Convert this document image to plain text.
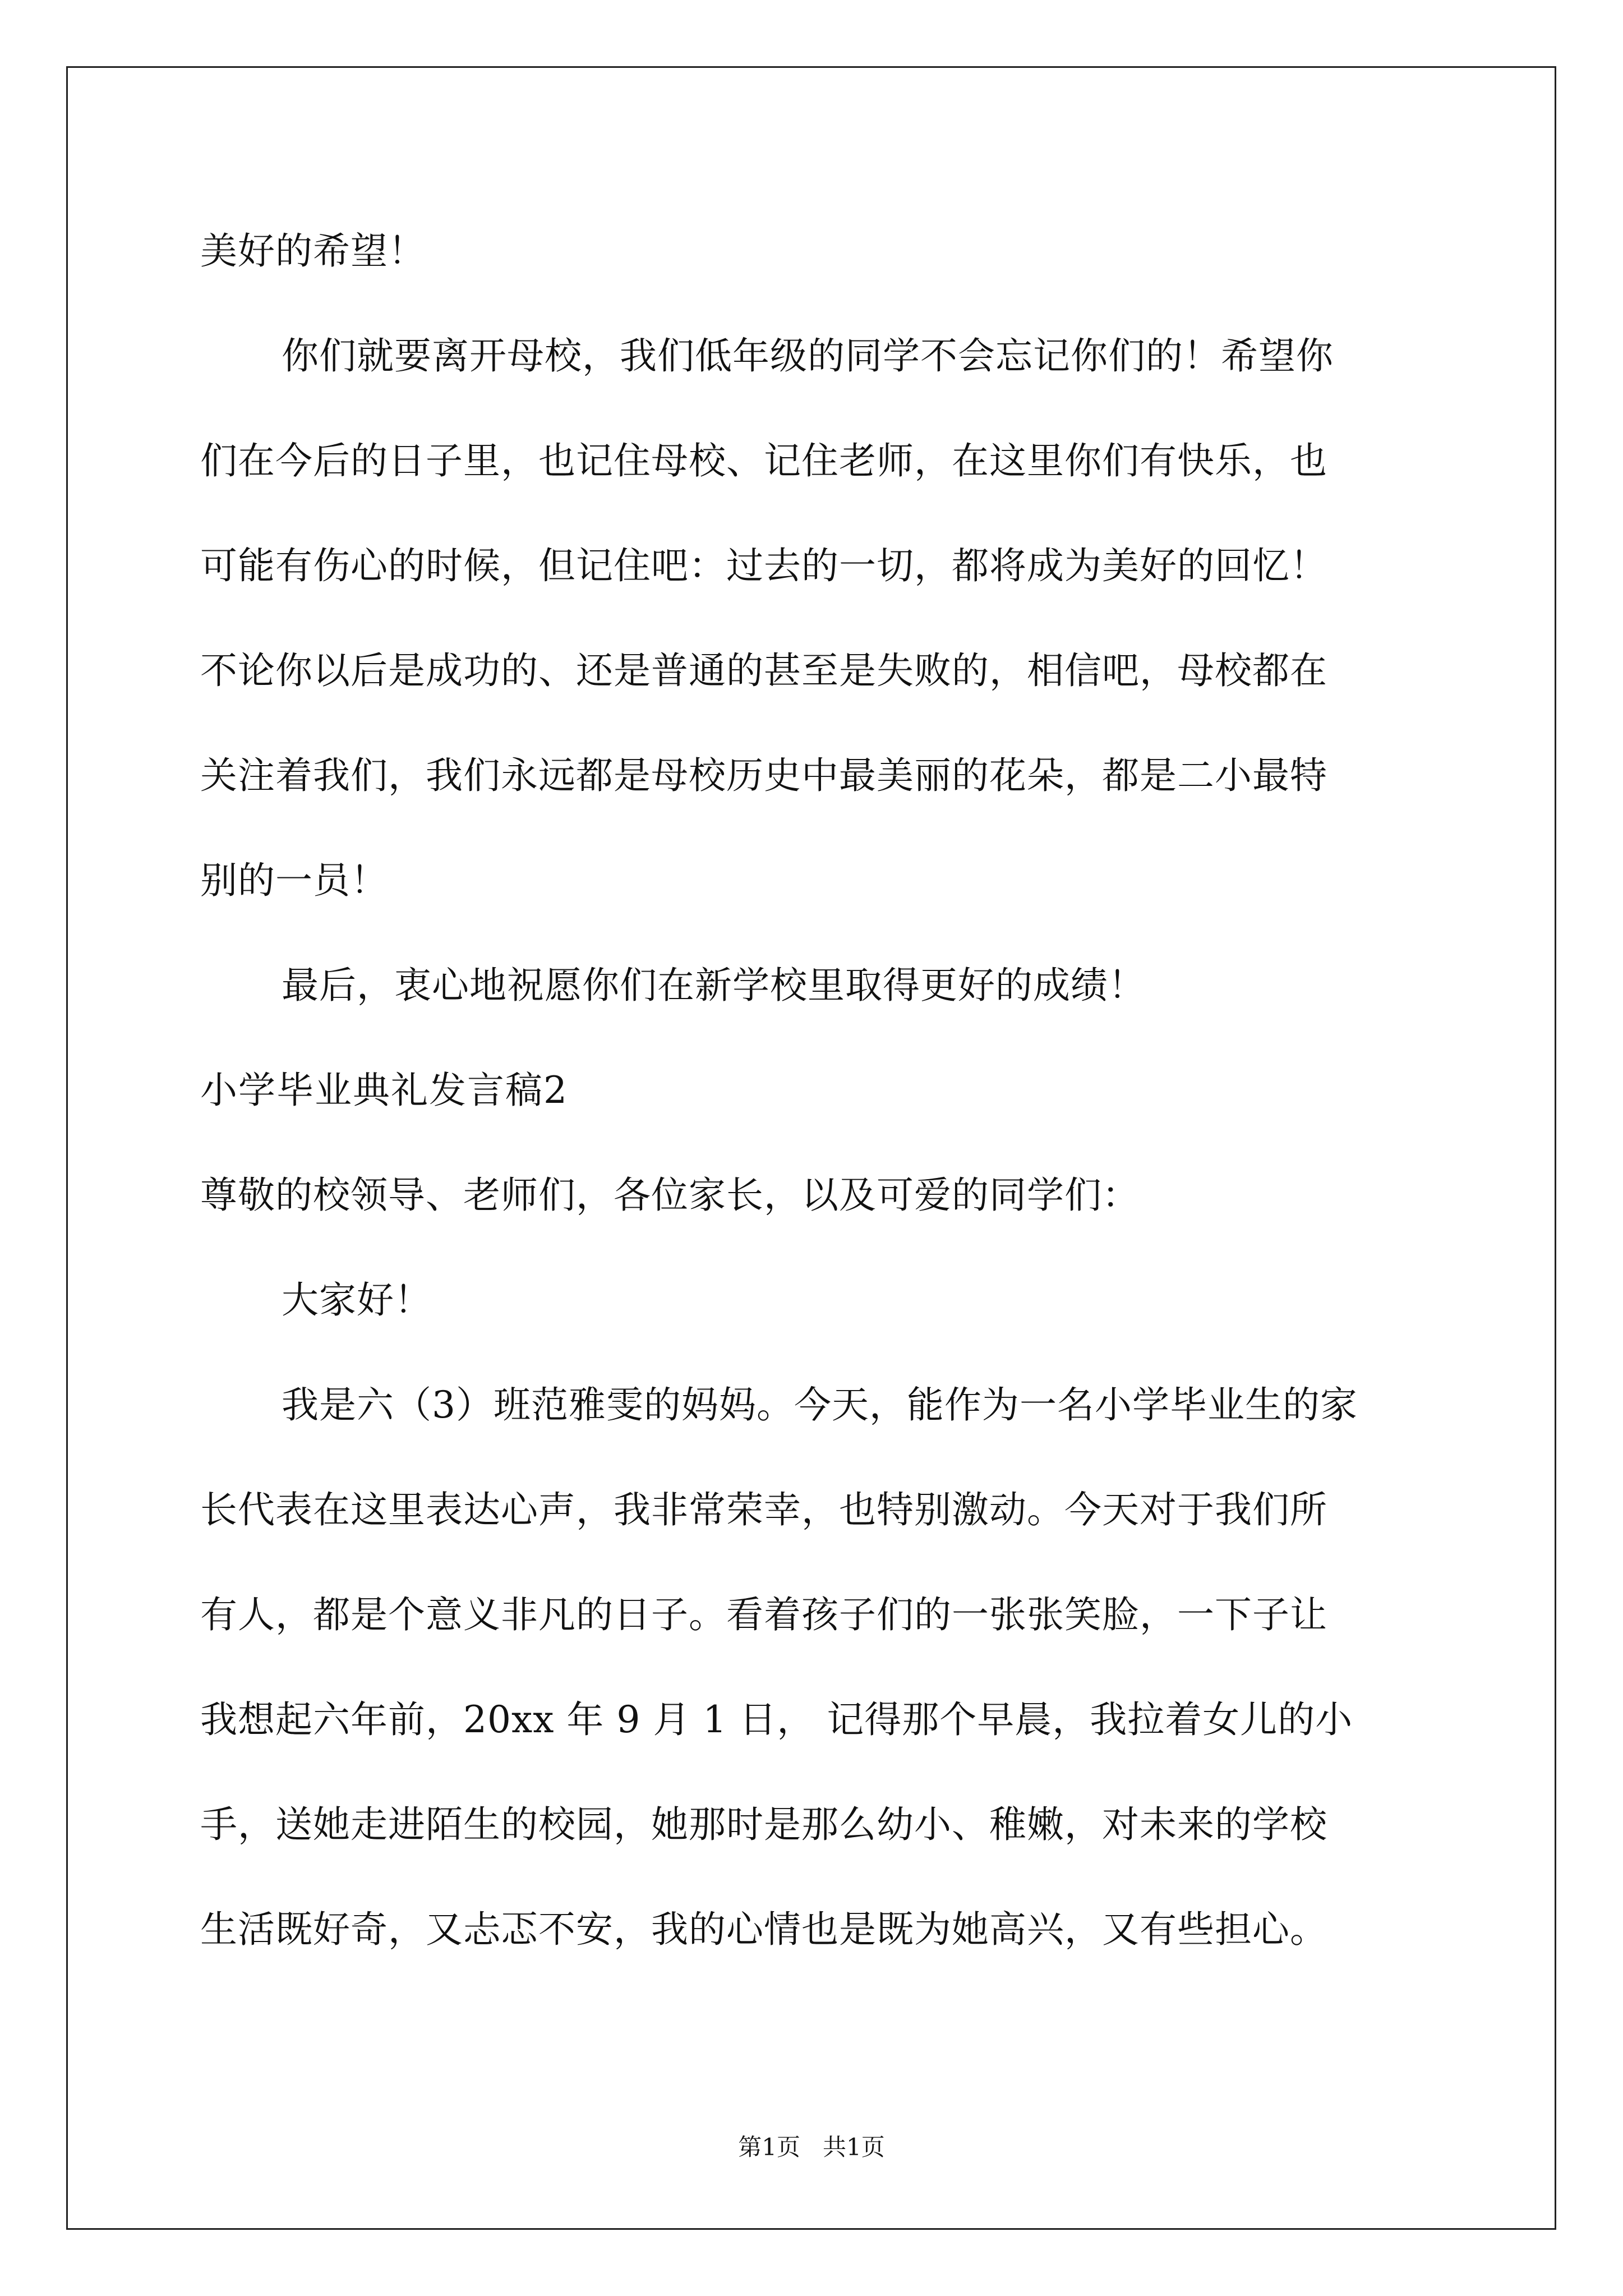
美好的希望！
你们就要离开母校，我们低年级的同学不会忘记你们的！希望你
们在今后的日子里，也记住母校、记住老师，在这里你们有快乐，也
可能有伤心的时候，但记住吧：过去的一切，都将成为美好的回忆！
不论你以后是成功的、还是普通的甚至是失败的，相信吧，母校都在
关注着我们，我们永远都是母校历史中最美丽的花朵，都是二小最特
别的一员！
最后，衷心地祝愿你们在新学校里取得更好的成绩！
小学毕业典礼发言稿2
尊敬的校领导、老师们，各位家长，以及可爱的同学们：
大家好！
我是六（3）班范雅雯的妈妈。今天，能作为一名小学毕业生的家
长代表在这里表达心声，我非常荣幸，也特别激动。今天对于我们所
有人，都是个意义非凡的日子。看着孩子们的一张张笑脸，一下子让
我想起六年前，20xx 年 9 月 1 日， 记得那个早晨，我拉着女儿的小
手，送她走进陌生的校园，她那时是那么幼小、稚嫩，对未来的学校
生活既好奇，又忐忑不安，我的心情也是既为她高兴，又有些担心。
第1页   共1页
